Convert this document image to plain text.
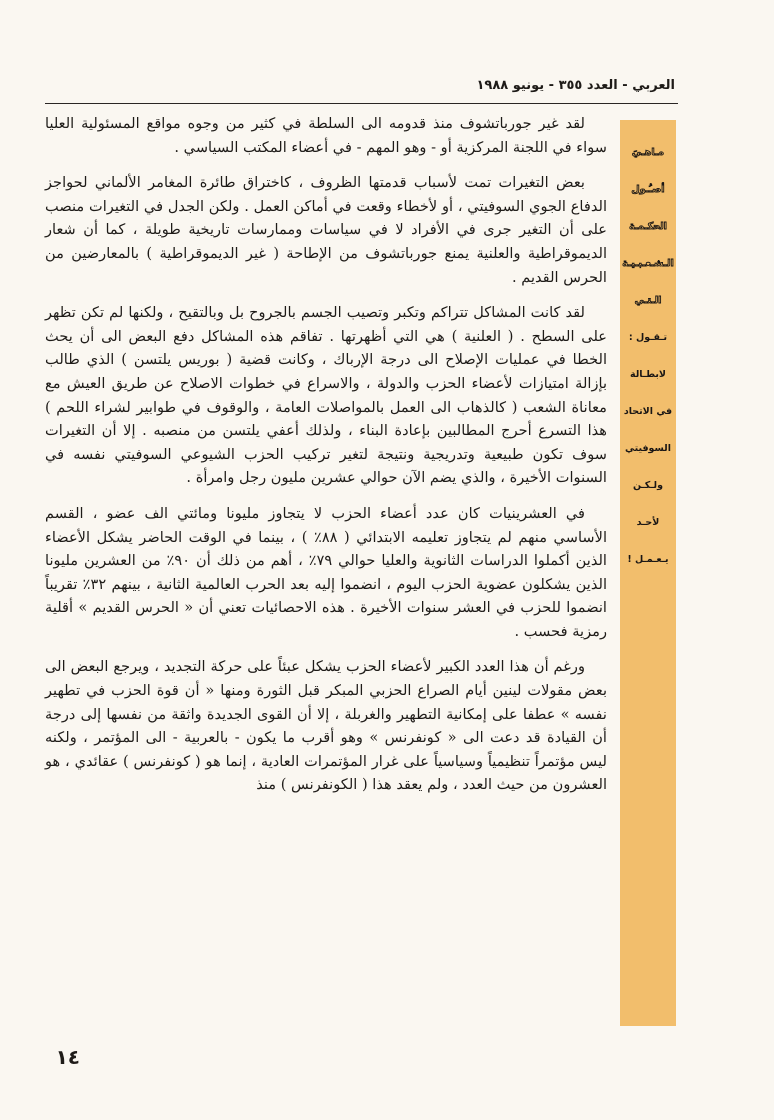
العربي - العدد ٣٥٥ - يونيو ١٩٨٨
مـاهـيَ
أصـُـول
الحكـمـة
الـشـعـبـيـة
الـتـي
تـقـول :
لابطـالة
في الاتحاد
السوفيتي
ولـكـن
لأحـد
يـعـمـل !

لقد غير جورباتشوف منذ قدومه الى السلطة في كثير من وجوه مواقع المسئولية العليا سواء في اللجنة المركزية أو - وهو المهم - في أعضاء المكتب السياسي .

بعض التغيرات تمت لأسباب قدمتها الظروف ، كاختراق طائرة المغامر الألماني لحواجز الدفاع الجوي السوفيتي ، أو لأخطاء وقعت في أماكن العمل . ولكن الجدل في التغيرات منصب على أن التغير جرى في الأفراد لا في سياسات وممارسات تاريخية طويلة ، كما أن شعار الديموقراطية والعلنية يمنع جورباتشوف من الإطاحة ( غير الديموقراطية ) بالمعارضين من الحرس القديم .

لقد كانت المشاكل تتراكم وتكبر وتصيب الجسم بالجروح بل وبالتقيح ، ولكنها لم تكن تظهر على السطح . ( العلنية ) هي التي أظهرتها . تفاقم هذه المشاكل دفع البعض الى أن يحث الخطا في عمليات الإصلاح الى درجة الإرباك ، وكانت قضية ( بوريس يلتسن ) الذي طالب بإزالة امتيازات لأعضاء الحزب والدولة ، والاسراع في خطوات الاصلاح عن طريق العيش مع معاناة الشعب ( كالذهاب الى العمل بالمواصلات العامة ، والوقوف في طوابير لشراء اللحم ) هذا التسرع أحرج المطالبين بإعادة البناء ، ولذلك أعفي يلتسن من منصبه . إلا أن التغيرات سوف تكون طبيعية وتدريجية ونتيجة لتغير تركيب الحزب الشيوعي السوفيتي نفسه في السنوات الأخيرة ، والذي يضم الآن حوالي عشرين مليون رجل وامرأة .

في العشرينيات كان عدد أعضاء الحزب لا يتجاوز مليونا ومائتي الف عضو ، القسم الأساسي منهم لم يتجاوز تعليمه الابتدائي ( ٨٨٪ ) ، بينما في الوقت الحاضر يشكل الأعضاء الذين أكملوا الدراسات الثانوية والعليا حوالي ٧٩٪ ، أهم من ذلك أن ٩٠٪ من العشرين مليونا الذين يشكلون عضوية الحزب اليوم ، انضموا إليه بعد الحرب العالمية الثانية ، بينهم ٣٢٪ تقريباً انضموا للحزب في العشر سنوات الأخيرة . هذه الاحصائيات تعني أن « الحرس القديم » أقلية رمزية فحسب .

ورغم أن هذا العدد الكبير لأعضاء الحزب يشكل عبئاً على حركة التجديد ، ويرجع البعض الى بعض مقولات لينين أيام الصراع الحزبي المبكر قبل الثورة ومنها « أن قوة الحزب في تطهير نفسه » عطفا على إمكانية التطهير والغربلة ، إلا أن القوى الجديدة واثقة من نفسها إلى درجة أن القيادة قد دعت الى « كونفرنس » وهو أقرب ما يكون - بالعربية - الى المؤتمر ، ولكنه ليس مؤتمراً تنظيمياً وسياسياً على غرار المؤتمرات العادية ، إنما هو ( كونفرنس ) عقائدي ، هو العشرون من حيث العدد ، ولم يعقد هذا ( الكونفرنس ) منذ

١٤
